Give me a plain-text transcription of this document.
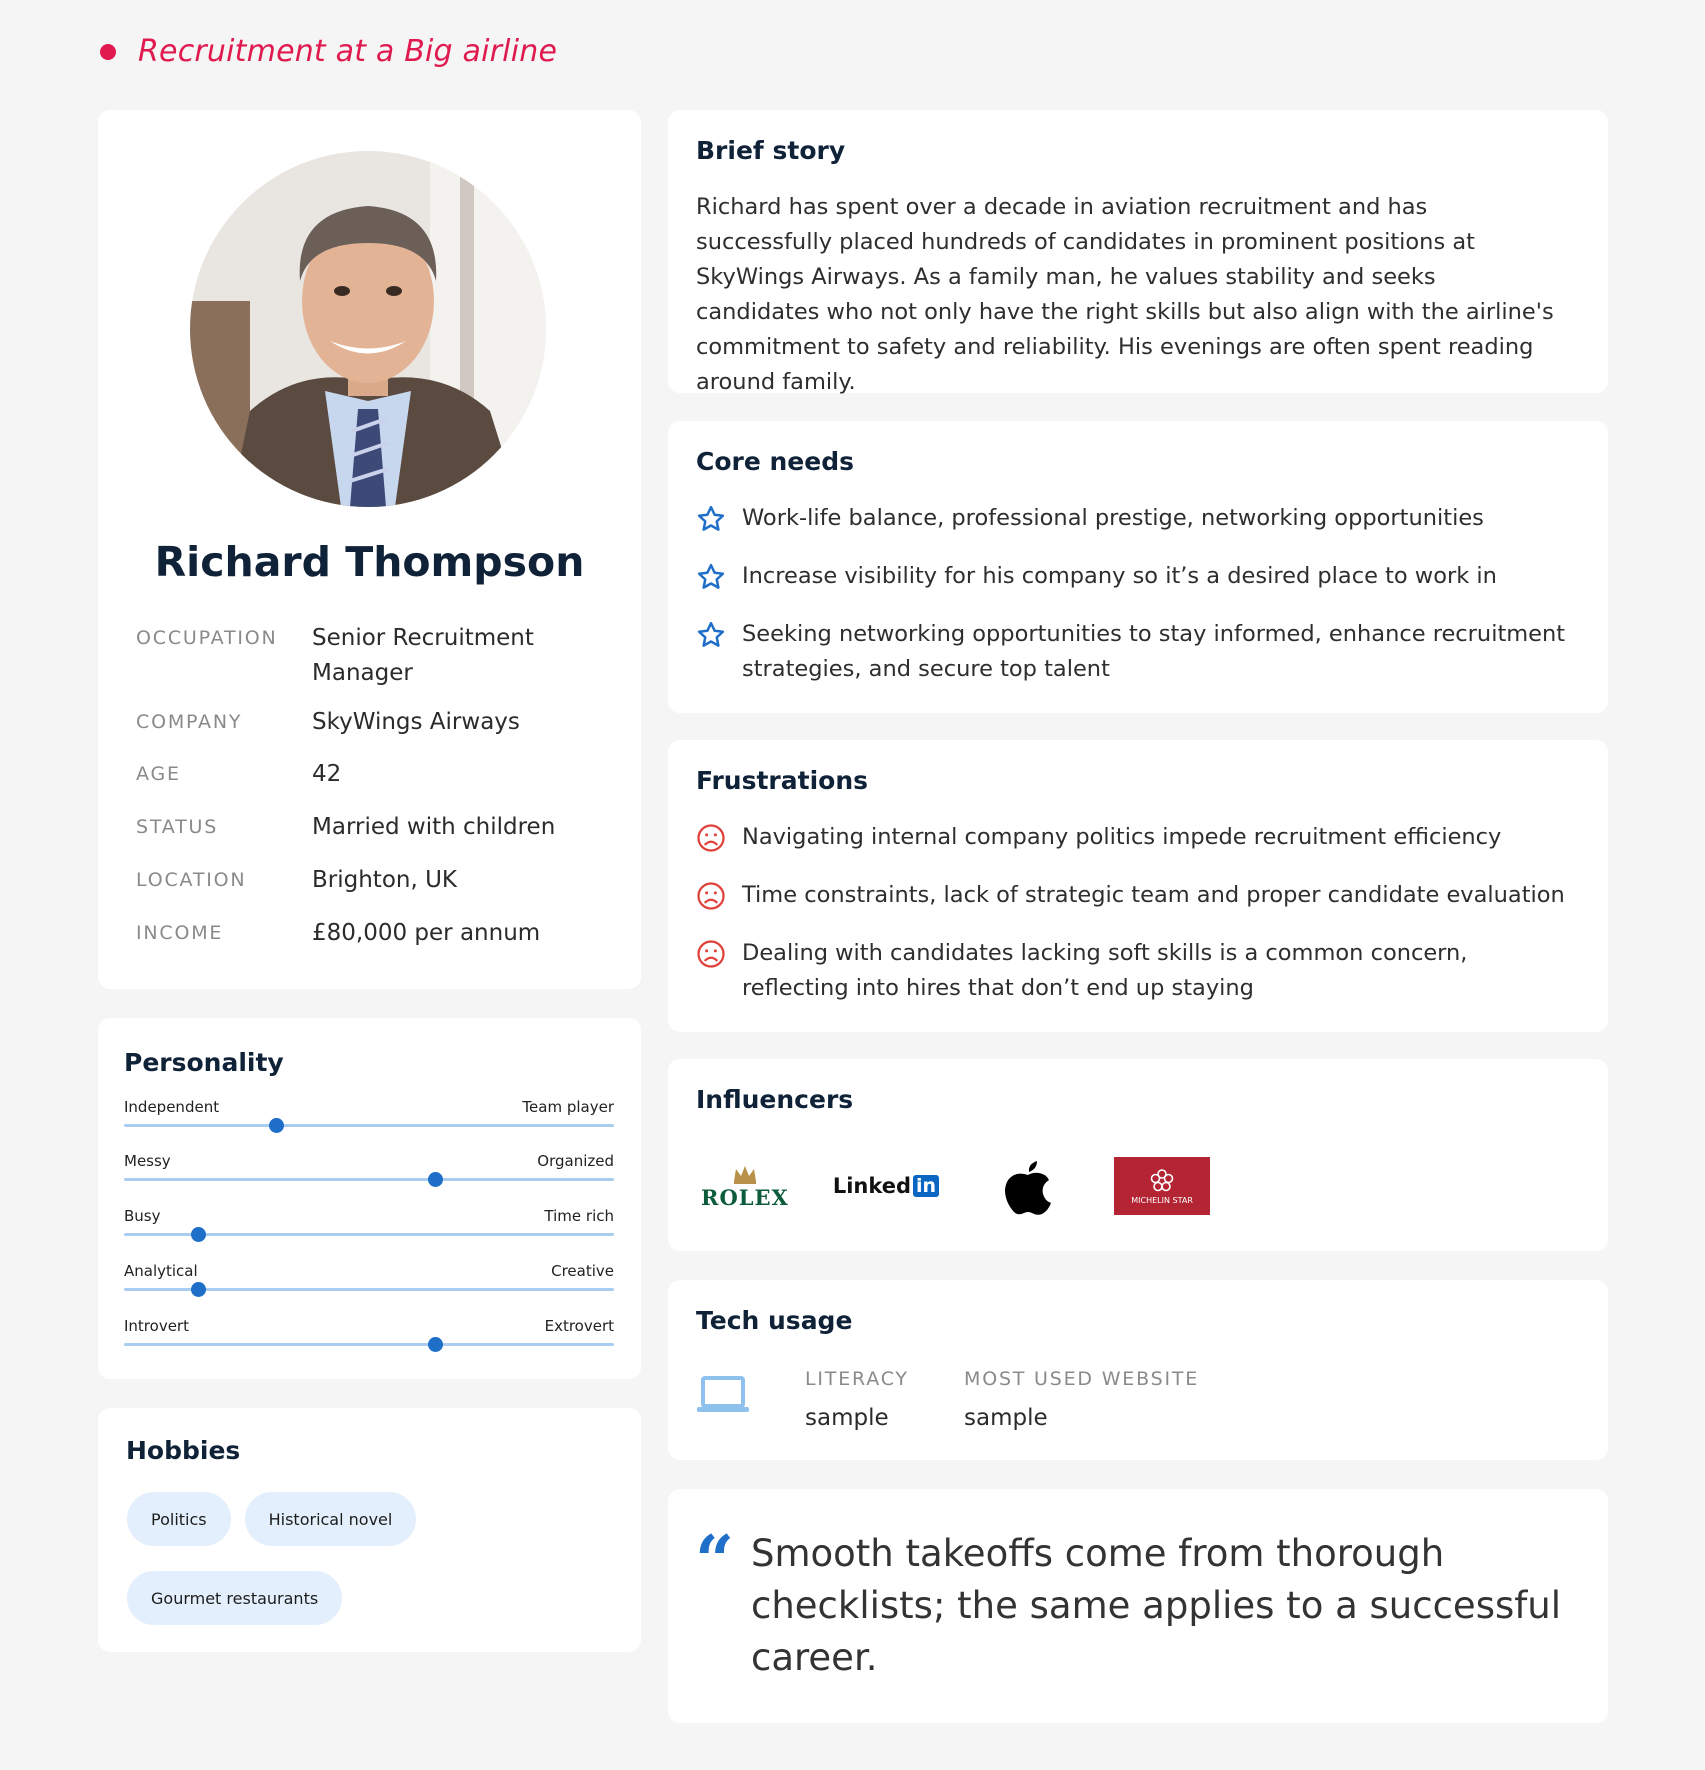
Recruitment at a Big airline
Richard Thompson
OCCUPATION	Senior Recruitment Manager
COMPANY	SkyWings Airways
AGE	42
STATUS	Married with children
LOCATION	Brighton, UK
INCOME	£80,000 per annum
Personality
Independent	Team player
Messy	Organized
Busy	Time rich
Analytical	Creative
Introvert	Extrovert
Hobbies
Politics	Historical novel
Gourmet restaurants
Brief story
Richard has spent over a decade in aviation recruitment and has successfully placed hundreds of candidates in prominent positions at SkyWings Airways. As a family man, he values stability and seeks candidates who not only have the right skills but also align with the airline's commitment to safety and reliability. His evenings are often spent reading around family.
Core needs
Work-life balance, professional prestige, networking opportunities
Increase visibility for his company so it’s a desired place to work in
Seeking networking opportunities to stay informed, enhance recruitment strategies, and secure top talent
Frustrations
Navigating internal company politics impede recruitment efficiency
Time constraints, lack of strategic team and proper candidate evaluation
Dealing with candidates lacking soft skills is a common concern, reflecting into hires that don’t end up staying
Influencers
ROLEX Linked in
MICHELIN STAR
Tech usage
LITERACY
sample
MOST USED WEBSITE
sample
“ Smooth takeoffs come from thorough checklists; the same applies to a successful career.
